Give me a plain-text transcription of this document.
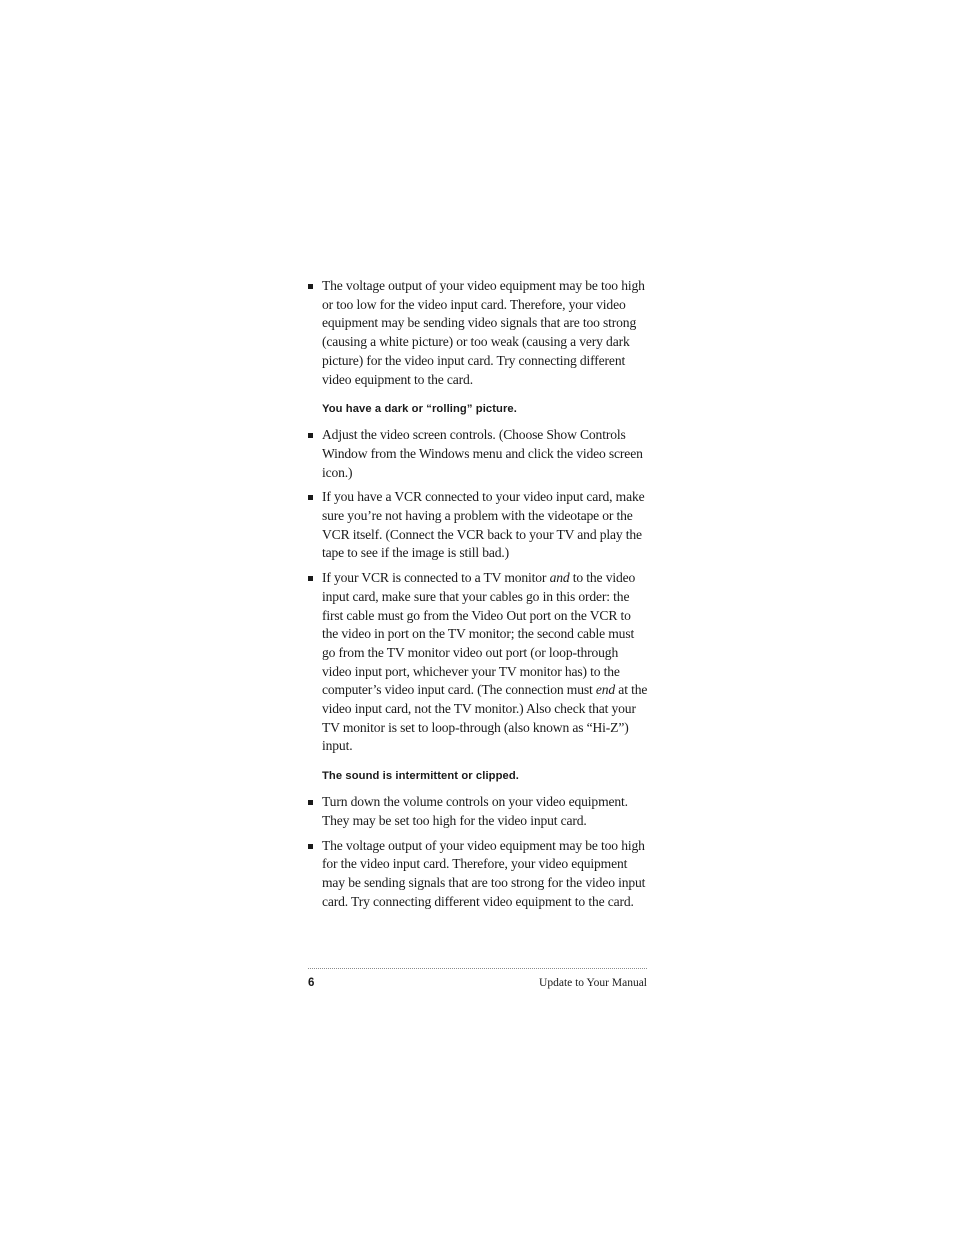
The voltage output of your video equipment may be too high or too low for the video input card. Therefore, your video equipment may be sending video signals that are too strong (causing a white picture) or too weak (causing a very dark picture) for the video input card. Try connecting different video equipment to the card.
You have a dark or “rolling” picture.
Adjust the video screen controls. (Choose Show Controls Window from the Windows menu and click the video screen icon.)
If you have a VCR connected to your video input card, make sure you’re not having a problem with the videotape or the VCR itself. (Connect the VCR back to your TV and play the tape to see if the image is still bad.)
If your VCR is connected to a TV monitor and to the video input card, make sure that your cables go in this order: the first cable must go from the Video Out port on the VCR to the video in port on the TV monitor; the second cable must go from the TV monitor video out port (or loop-through video input port, whichever your TV monitor has) to the computer’s video input card. (The connection must end at the video input card, not the TV monitor.) Also check that your TV monitor is set to loop-through (also known as “Hi-Z”) input.
The sound is intermittent or clipped.
Turn down the volume controls on your video equipment. They may be set too high for the video input card.
The voltage output of your video equipment may be too high for the video input card. Therefore, your video equipment may be sending signals that are too strong for the video input card. Try connecting different video equipment to the card.
6	Update to Your Manual
